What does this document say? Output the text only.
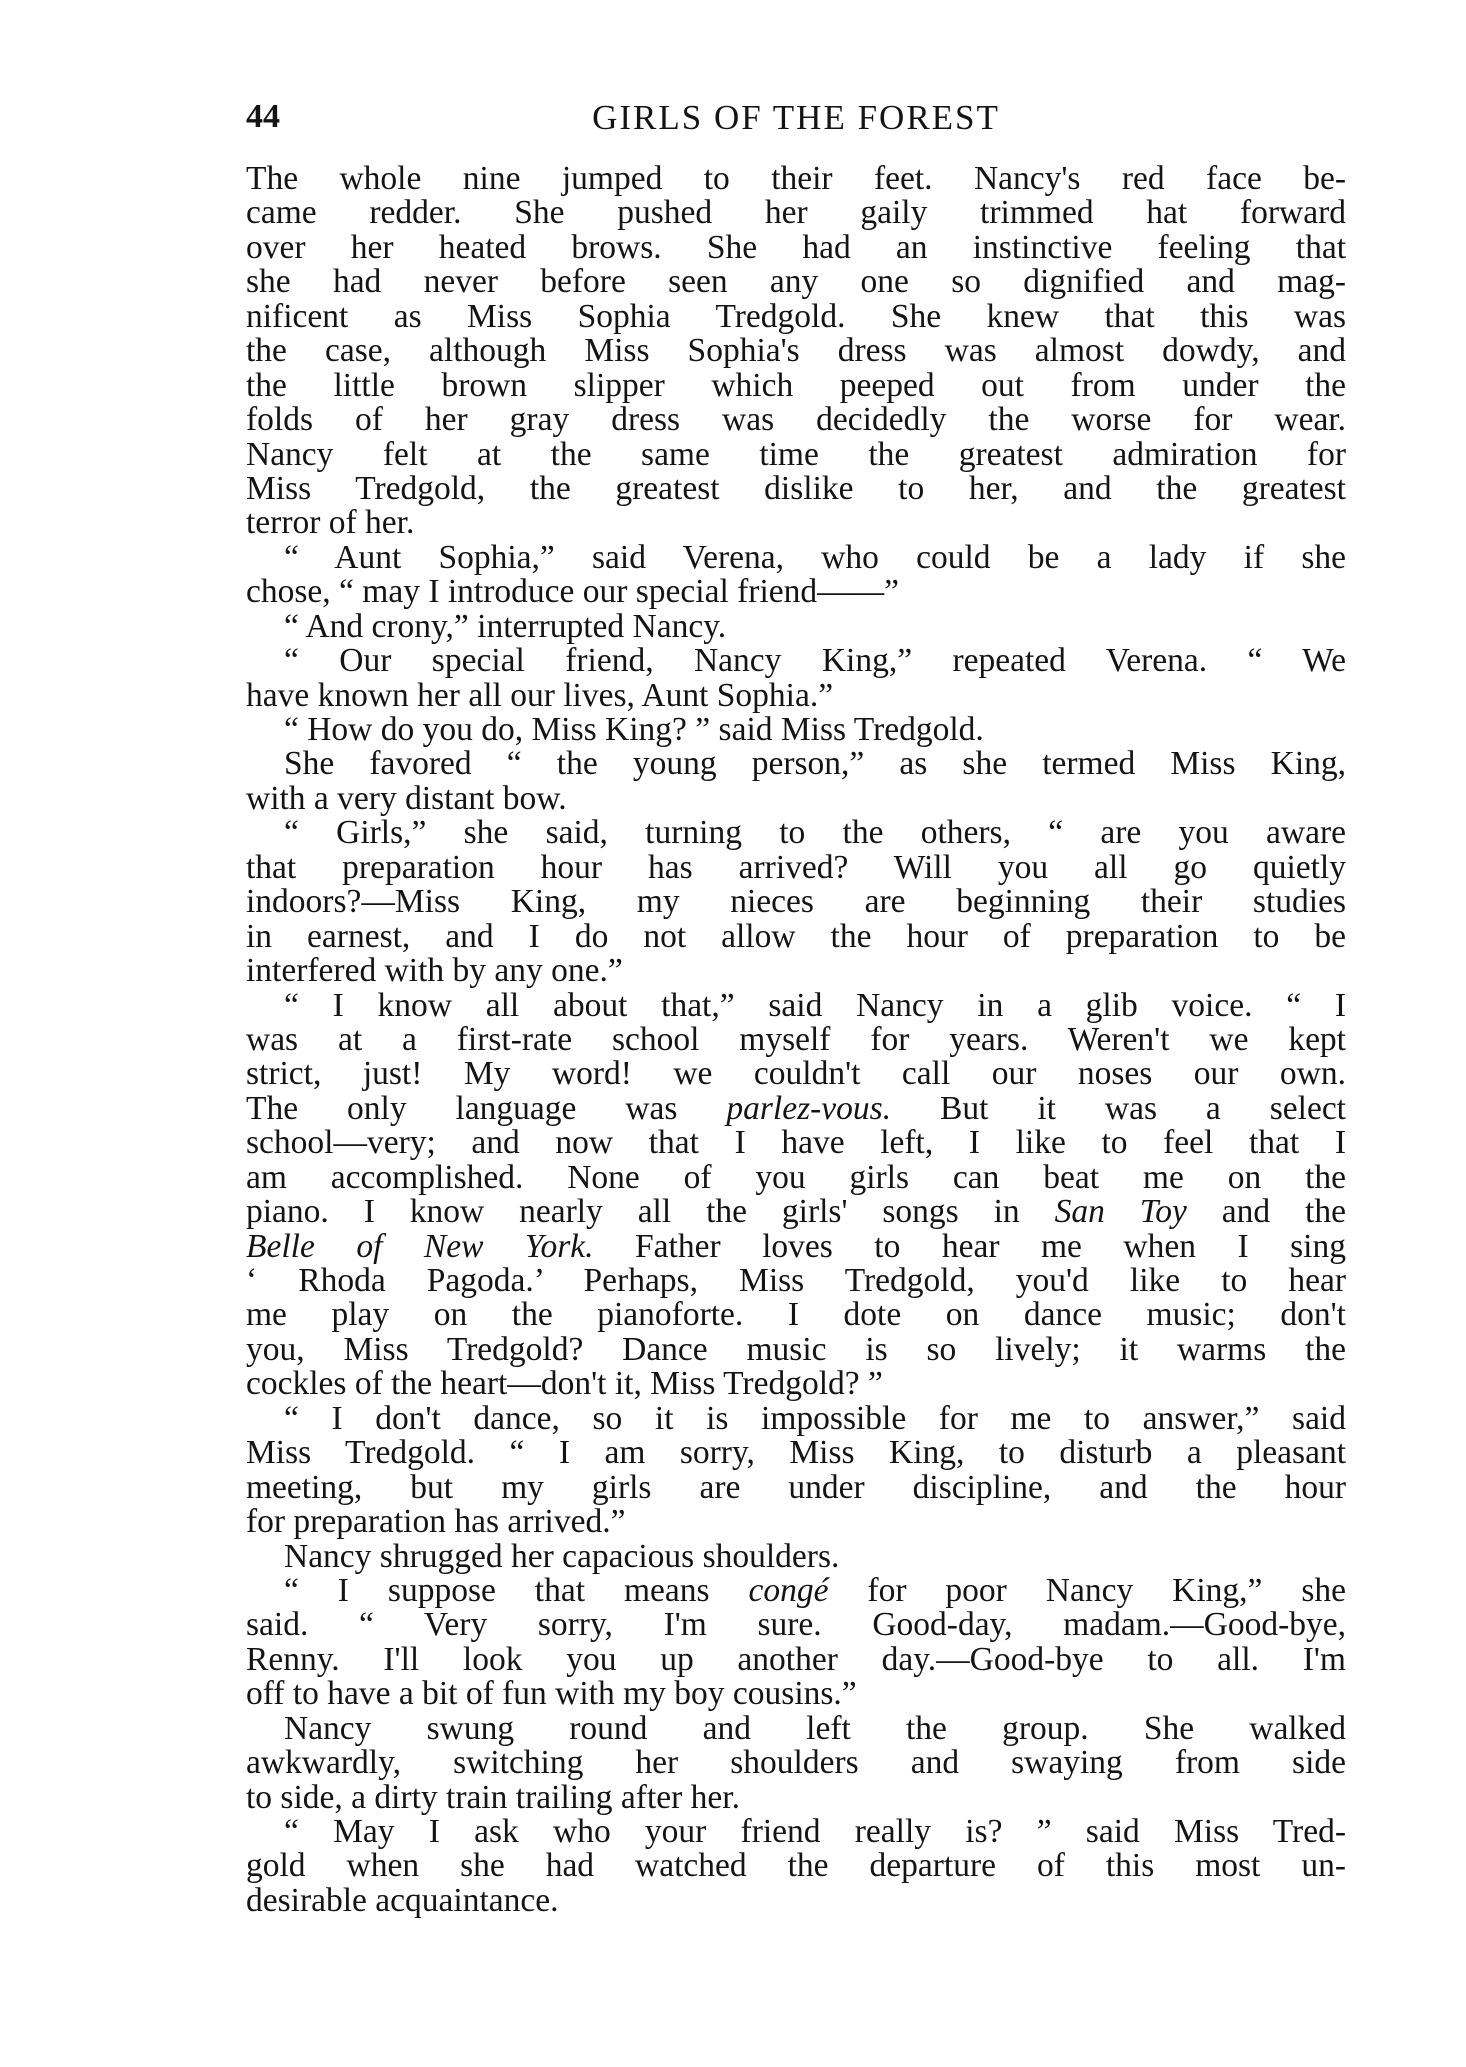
44	GIRLS OF THE FOREST
The whole nine jumped to their feet. Nancy's red face be-
came redder. She pushed her gaily trimmed hat forward
over her heated brows. She had an instinctive feeling that
she had never before seen any one so dignified and mag-
nificent as Miss Sophia Tredgold. She knew that this was
the case, although Miss Sophia's dress was almost dowdy, and
the little brown slipper which peeped out from under the
folds of her gray dress was decidedly the worse for wear.
Nancy felt at the same time the greatest admiration for
Miss Tredgold, the greatest dislike to her, and the greatest
terror of her.
“ Aunt Sophia,” said Verena, who could be a lady if she
chose, “ may I introduce our special friend——”
“ And crony,” interrupted Nancy.
“ Our special friend, Nancy King,” repeated Verena. “ We
have known her all our lives, Aunt Sophia.”
“ How do you do, Miss King? ” said Miss Tredgold.
She favored “ the young person,” as she termed Miss King,
with a very distant bow.
“ Girls,” she said, turning to the others, “ are you aware
that preparation hour has arrived? Will you all go quietly
indoors?—Miss King, my nieces are beginning their studies
in earnest, and I do not allow the hour of preparation to be
interfered with by any one.”
“ I know all about that,” said Nancy in a glib voice. “ I
was at a first-rate school myself for years. Weren't we kept
strict, just! My word! we couldn't call our noses our own.
The only language was parlez-vous. But it was a select
school—very; and now that I have left, I like to feel that I
am accomplished. None of you girls can beat me on the
piano. I know nearly all the girls' songs in San Toy and the
Belle of New York. Father loves to hear me when I sing
‘ Rhoda Pagoda.’ Perhaps, Miss Tredgold, you'd like to hear
me play on the pianoforte. I dote on dance music; don't
you, Miss Tredgold? Dance music is so lively; it warms the
cockles of the heart—don't it, Miss Tredgold? ”
“ I don't dance, so it is impossible for me to answer,” said
Miss Tredgold. “ I am sorry, Miss King, to disturb a pleasant
meeting, but my girls are under discipline, and the hour
for preparation has arrived.”
Nancy shrugged her capacious shoulders.
“ I suppose that means congé for poor Nancy King,” she
said. “ Very sorry, I'm sure. Good-day, madam.—Good-bye,
Renny. I'll look you up another day.—Good-bye to all. I'm
off to have a bit of fun with my boy cousins.”
Nancy swung round and left the group. She walked
awkwardly, switching her shoulders and swaying from side
to side, a dirty train trailing after her.
“ May I ask who your friend really is? ” said Miss Tred-
gold when she had watched the departure of this most un-
desirable acquaintance.
